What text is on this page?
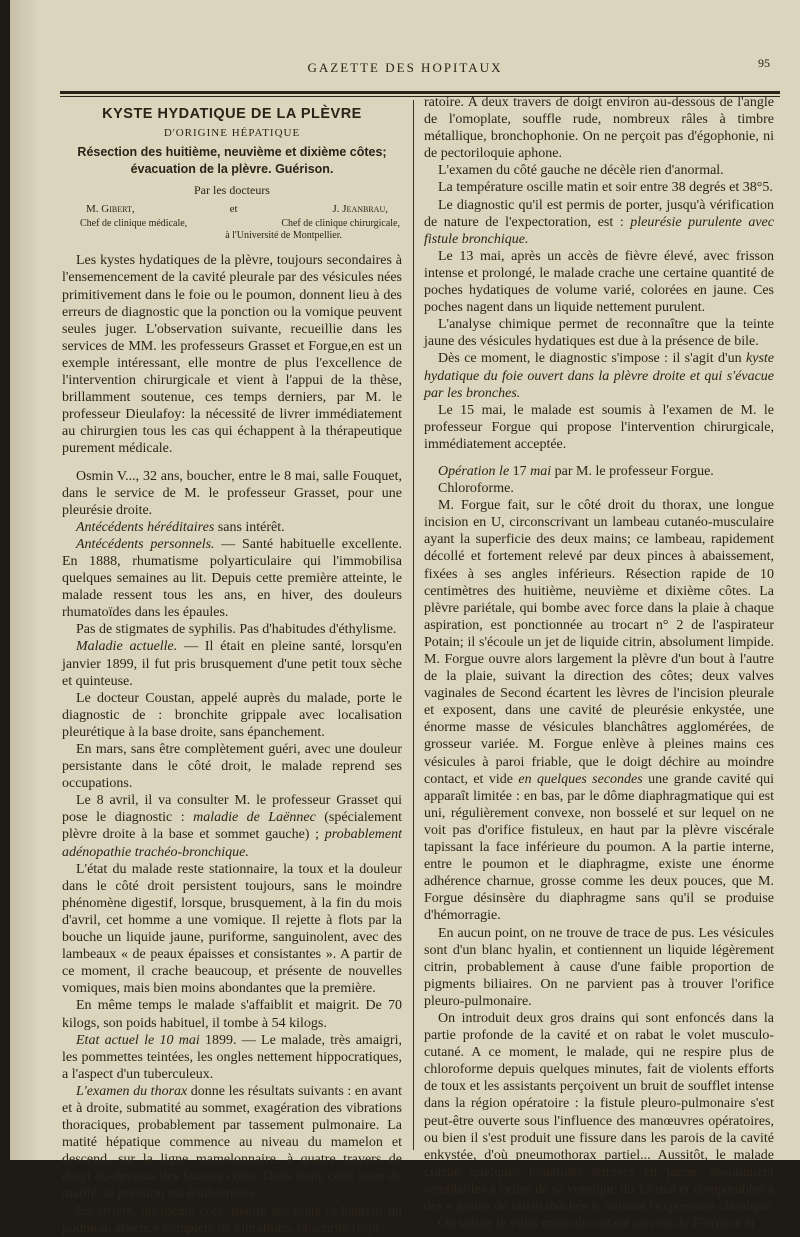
GAZETTE DES HOPITAUX	95
KYSTE HYDATIQUE DE LA PLÈVRE
D'ORIGINE HÉPATIQUE
Résection des huitième, neuvième et dixième côtes; évacuation de la plèvre. Guérison.
Par les docteurs
M. Gibert,	et	J. Jeanbrau,
Chef de clinique médicale,	Chef de clinique chirurgicale,
à l'Université de Montpellier.

Les kystes hydatiques de la plèvre, toujours secondaires à l'ensemencement de la cavité pleurale par des vésicules nées primitivement dans le foie ou le poumon, donnent lieu à des erreurs de diagnostic que la ponction ou la vomique peuvent seules juger. L'observation suivante, recueillie dans les services de MM. les professeurs Grasset et Forgue,en est un exemple intéressant, elle montre de plus l'excellence de l'intervention chirurgicale et vient à l'appui de la thèse, brillamment soutenue, ces temps derniers, par M. le professeur Dieulafoy: la nécessité de livrer immédiatement au chirurgien tous les cas qui échappent à la thérapeutique purement médicale.

Osmin V..., 32 ans, boucher, entre le 8 mai, salle Fouquet, dans le service de M. le professeur Grasset, pour une pleurésie droite.

Antécédents héréditaires sans intérêt.

Antécédents personnels. — Santé habituelle excellente. En 1888, rhumatisme polyarticulaire qui l'immobilisa quelques semaines au lit. Depuis cette première atteinte, le malade ressent tous les ans, en hiver, des douleurs rhumatoïdes dans les épaules.

Pas de stigmates de syphilis. Pas d'habitudes d'éthylisme.

Maladie actuelle. — Il était en pleine santé, lorsqu'en janvier 1899, il fut pris brusquement d'une petit toux sèche et quinteuse.

Le docteur Coustan, appelé auprès du malade, porte le diagnostic de : bronchite grippale avec localisation pleurétique à la base droite, sans épanchement.

En mars, sans être complètement guéri, avec une douleur persistante dans le côté droit, le malade reprend ses occupations.

Le 8 avril, il va consulter M. le professeur Grasset qui pose le diagnostic : maladie de Laënnec (spécialement plèvre droite à la base et sommet gauche) ; probablement adénopathie trachéo-bronchique.

L'état du malade reste stationnaire, la toux et la douleur dans le côté droit persistent toujours, sans le moindre phénomène digestif, lorsque, brusquement, à la fin du mois d'avril, cet homme a une vomique. Il rejette à flots par la bouche un liquide jaune, puriforme, sanguinolent, avec des lambeaux « de peaux épaisses et consistantes ». A partir de ce moment, il crache beaucoup, et présente de nouvelles vomiques, mais bien moins abondantes que la première.

En même temps le malade s'affaiblit et maigrit. De 70 kilogs, son poids habituel, il tombe à 54 kilogs.

Etat actuel le 10 mai 1899. — Le malade, très amaigri, les pommettes teintées, les ongles nettement hippocratiques, a l'aspect d'un tuberculeux.

L'examen du thorax donne les résultats suivants : en avant et à droite, submatité au sommet, exagération des vibrations thoraciques, probablement par tassement pulmonaire. La matité hépatique commence au niveau du mamelon et descend, sur la ligne mamelonnaire, à quatre travers de doigt au-dessous des fausses côtes. Dans toute cette zone de matité, la pression est douloureuse.

En arrière, du même côté, matité sur toute la hauteur du poumon, absence complète de vibrations, obscurité respi-

ratoire. A deux travers de doigt environ au-dessous de l'angle de l'omoplate, souffle rude, nombreux râles à timbre métallique, bronchophonie. On ne perçoit pas d'égophonie, ni de pectoriloquie aphone.

L'examen du côté gauche ne décèle rien d'anormal.

La température oscille matin et soir entre 38 degrés et 38°5.

Le diagnostic qu'il est permis de porter, jusqu'à vérification de nature de l'expectoration, est : pleurésie purulente avec fistule bronchique.

Le 13 mai, après un accès de fièvre élevé, avec frisson intense et prolongé, le malade crache une certaine quantité de poches hydatiques de volume varié, colorées en jaune. Ces poches nagent dans un liquide nettement purulent.

L'analyse chimique permet de reconnaître que la teinte jaune des vésicules hydatiques est due à la présence de bile.

Dès ce moment, le diagnostic s'impose : il s'agit d'un kyste hydatique du foie ouvert dans la plèvre droite et qui s'évacue par les bronches.

Le 15 mai, le malade est soumis à l'examen de M. le professeur Forgue qui propose l'intervention chirurgicale, immédiatement acceptée.

Opération le 17 mai par M. le professeur Forgue.

Chloroforme.

M. Forgue fait, sur le côté droit du thorax, une longue incision en U, circonscrivant un lambeau cutanéo-musculaire ayant la superficie des deux mains; ce lambeau, rapidement décollé et fortement relevé par deux pinces à abaissement, fixées à ses angles inférieurs. Résection rapide de 10 centimètres des huitième, neuvième et dixième côtes. La plèvre pariétale, qui bombe avec force dans la plaie à chaque aspiration, est ponctionnée au trocart n° 2 de l'aspirateur Potain; il s'écoule un jet de liquide citrin, absolument limpide. M. Forgue ouvre alors largement la plèvre d'un bout à l'autre de la plaie, suivant la direction des côtes; deux valves vaginales de Second écartent les lèvres de l'incision pleurale et exposent, dans une cavité de pleurésie enkystée, une énorme masse de vésicules blanchâtres agglomérées, de grosseur variée. M. Forgue enlève à pleines mains ces vésicules à paroi friable, que le doigt déchire au moindre contact, et vide en quelques secondes une grande cavité qui apparaît limitée : en bas, par le dôme diaphragmatique qui est uni, régulièrement convexe, non bosselé et sur lequel on ne voit pas d'orifice fistuleux, en haut par la plèvre viscérale tapissant la face inférieure du poumon. A la partie interne, entre le poumon et le diaphragme, existe une énorme adhérence charnue, grosse comme les deux pouces, que M. Forgue désinsère du diaphragme sans qu'il se produise d'hémorragie.

En aucun point, on ne trouve de trace de pus. Les vésicules sont d'un blanc hyalin, et contiennent un liquide légèrement citrin, probablement à cause d'une faible proportion de pigments biliaires. On ne parvient pas à trouver l'orifice pleuro-pulmonaire.

On introduit deux gros drains qui sont enfoncés dans la partie profonde de la cavité et on rabat le volet musculo-cutané. A ce moment, le malade, qui ne respire plus de chloroforme depuis quelques minutes, fait de violents efforts de toux et les assistants perçoivent un bruit de soufflet intense dans la région opératoire : la fistule pleuro-pulmonaire s'est peut-être ouverte sous l'influence des manœuvres opératoires, ou bien il s'est produit une fissure dans les parois de la cavité enkystée, d'où pneumothorax partiel... Aussitôt, le malade crache quelques hydatides teintées en jaune, absolument semblables à celles de sa vomique du 13 mai et comparables à des « grains de raisin mâchés », suivant l'expression classique.

On suture le volet musculo-cutané au crin de Florence et
